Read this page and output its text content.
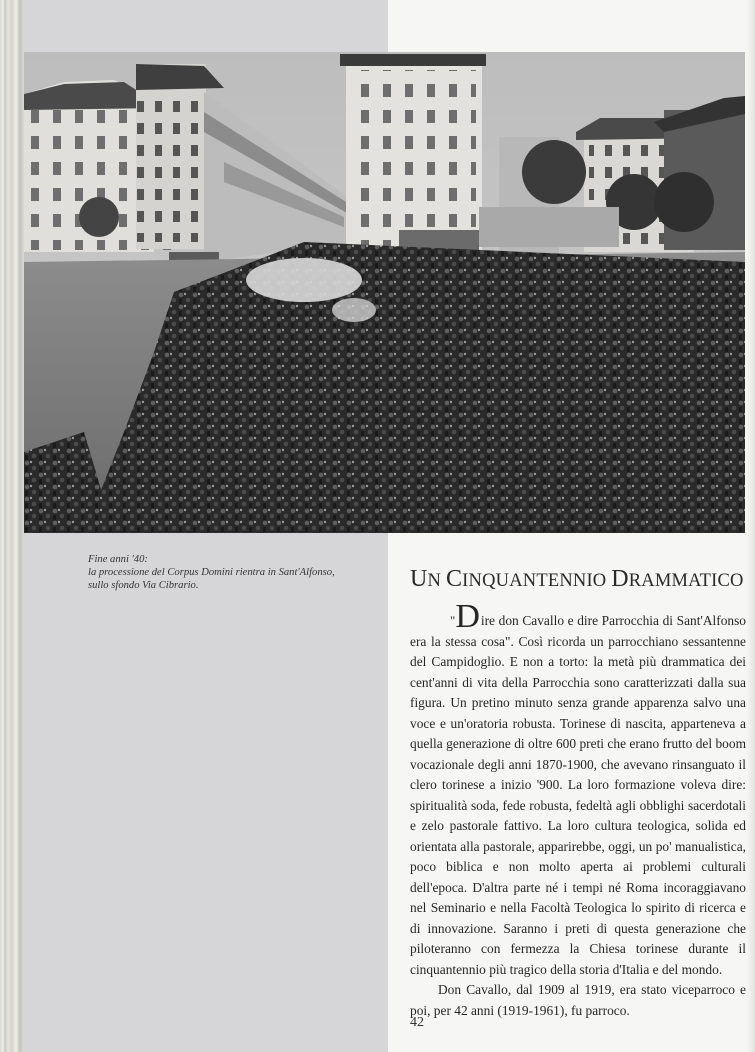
Fine anni '40:
la processione del Corpus Domini rientra in Sant'Alfonso,
sullo sfondo Via Cibrario.	UN CINQUANTENNIO DRAMMATICO

"Dire don Cavallo e dire Parrocchia di Sant'Alfonso era la stessa cosa". Così ricorda un parrocchiano sessantenne del Campidoglio. E non a torto: la metà più drammatica dei cent'anni di vita della Parrocchia sono caratterizzati dalla sua figura. Un pretino minuto senza grande apparenza salvo una voce e un'oratoria robusta. Torinese di nascita, apparteneva a quella generazione di oltre 600 preti che erano frutto del boom vocazionale degli anni 1870-1900, che avevano rinsanguato il clero torinese a inizio '900. La loro formazione voleva dire: spiritualità soda, fede robusta, fedeltà agli obblighi sacerdotali e zelo pastorale fattivo. La loro cultura teologica, solida ed orientata alla pastorale, apparirebbe, oggi, un po' manualistica, poco biblica e non molto aperta ai problemi culturali dell'epoca. D'altra parte né i tempi né Roma incoraggiavano nel Seminario e nella Facoltà Teologica lo spirito di ricerca e di innovazione. Saranno i preti di questa generazione che piloteranno con fermezza la Chiesa torinese durante il cinquantennio più tragico della storia d'Italia e del mondo.

Don Cavallo, dal 1909 al 1919, era stato viceparroco e poi, per 42 anni (1919-1961), fu parroco.

42
